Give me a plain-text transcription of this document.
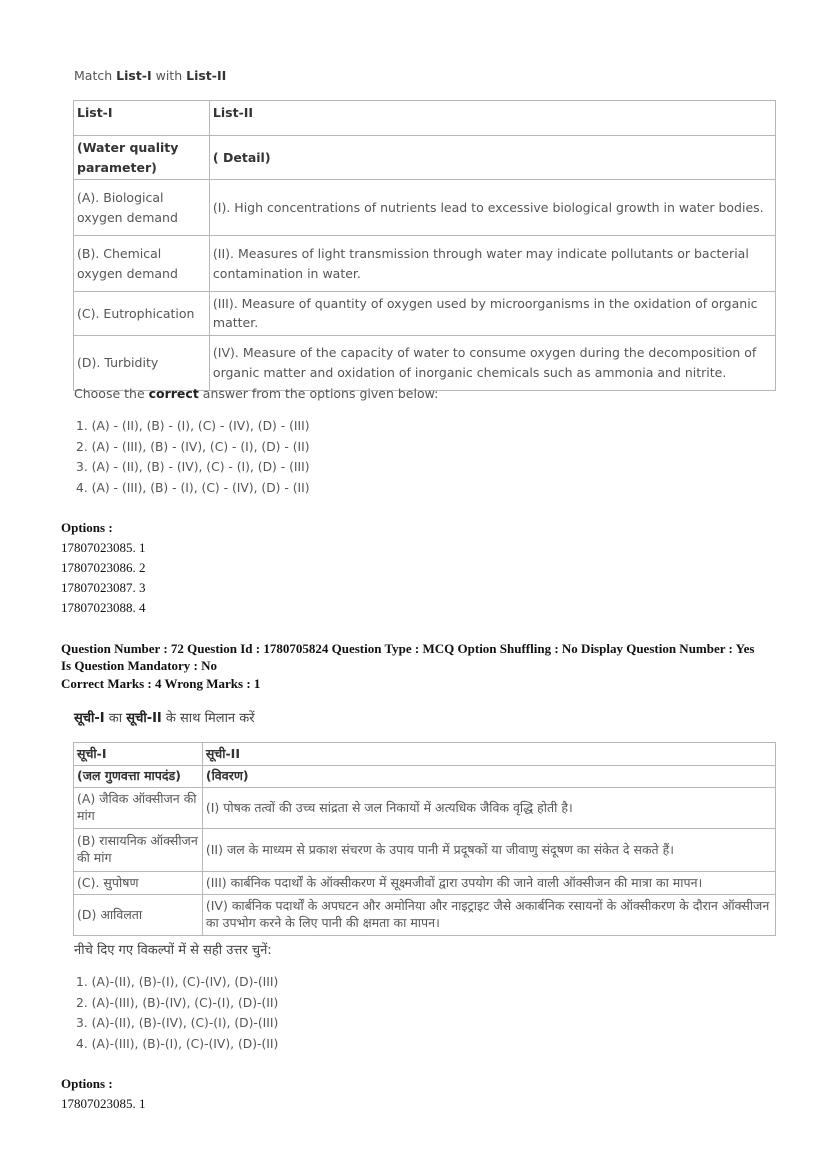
Match List-I with List-II
List-I	List-II
(Water quality parameter)	( Detail)
(A). Biological oxygen demand	(I). High concentrations of nutrients lead to excessive biological growth in water bodies.
(B). Chemical oxygen demand	(II). Measures of light transmission through water may indicate pollutants or bacterial contamination in water.
(C). Eutrophication	(III). Measure of quantity of oxygen used by microorganisms in the oxidation of organic matter.
(D). Turbidity	(IV). Measure of the capacity of water to consume oxygen during the decomposition of organic matter and oxidation of inorganic chemicals such as ammonia and nitrite.
Choose the correct answer from the options given below:
1. (A) - (II), (B) - (I), (C) - (IV), (D) - (III)
2. (A) - (III), (B) - (IV), (C) - (I), (D) - (II)
3. (A) - (II), (B) - (IV), (C) - (I), (D) - (III)
4. (A) - (III), (B) - (I), (C) - (IV), (D) - (II)
Options :
17807023085. 1
17807023086. 2
17807023087. 3
17807023088. 4
Question Number : 72 Question Id : 1780705824 Question Type : MCQ Option Shuffling : No Display Question Number : Yes
Is Question Mandatory : No
Correct Marks : 4 Wrong Marks : 1
सूची-I का सूची-II के साथ मिलान करें
सूची-I	सूची-II
(जल गुणवत्ता मापदंड)	(विवरण)
(A) जैविक ऑक्सीजन की मांग	(I) पोषक तत्वों की उच्च सांद्रता से जल निकायों में अत्यधिक जैविक वृद्धि होती है।
(B) रासायनिक ऑक्सीजन की मांग	(II) जल के माध्यम से प्रकाश संचरण के उपाय पानी में प्रदूषकों या जीवाणु संदूषण का संकेत दे सकते हैं।
(C). सुपोषण	(III) कार्बनिक पदार्थों के ऑक्सीकरण में सूक्ष्मजीवों द्वारा उपयोग की जाने वाली ऑक्सीजन की मात्रा का मापन।
(D) आविलता	(IV) कार्बनिक पदार्थों के अपघटन और अमोनिया और नाइट्राइट जैसे अकार्बनिक रसायनों के ऑक्सीकरण के दौरान ऑक्सीजन का उपभोग करने के लिए पानी की क्षमता का मापन।
नीचे दिए गए विकल्पों में से सही उत्तर चुनें:
1. (A)-(II), (B)-(I), (C)-(IV), (D)-(III)
2. (A)-(III), (B)-(IV), (C)-(I), (D)-(II)
3. (A)-(II), (B)-(IV), (C)-(I), (D)-(III)
4. (A)-(III), (B)-(I), (C)-(IV), (D)-(II)
Options :
17807023085. 1
